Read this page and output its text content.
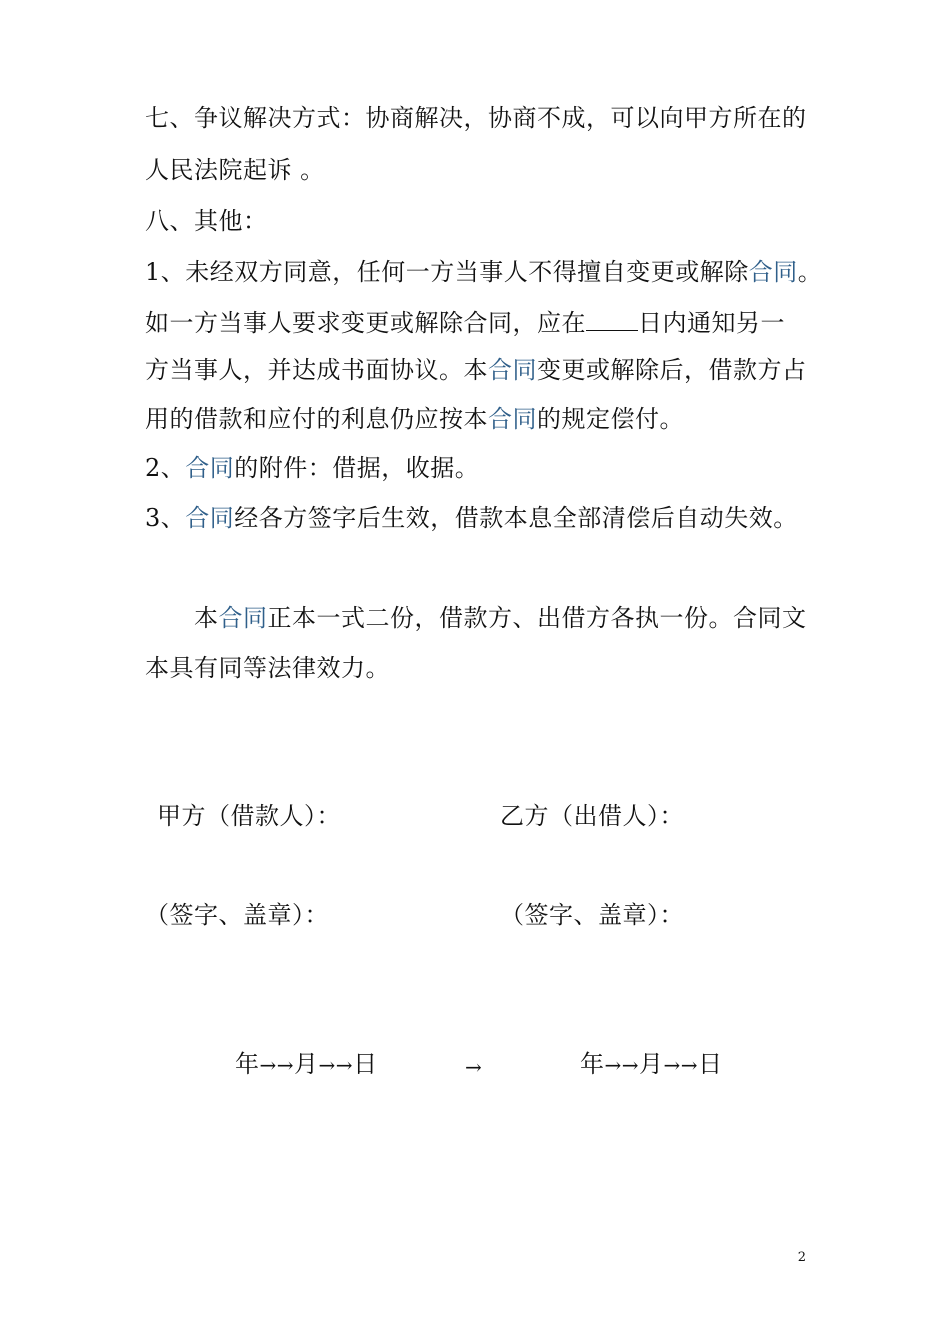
七、争议解决方式：协商解决，协商不成，可以向甲方所在的
人民法院起诉 。
八、其他：
1、未经双方同意，任何一方当事人不得擅自变更或解除合同。
如一方当事人要求变更或解除合同，应在 日内通知另一
方当事人，并达成书面协议。本合同变更或解除后，借款方占
用的借款和应付的利息仍应按本合同的规定偿付。
2、合同的附件：借据，收据。
3、合同经各方签字后生效，借款本息全部清偿后自动失效。
本合同正本一式二份，借款方、出借方各执一份。合同文
本具有同等法律效力。
甲方（借款人）：	乙方（出借人）：
（签字、盖章）：	（签字、盖章）：
年→→月→→日	→	年→→月→→日
2
